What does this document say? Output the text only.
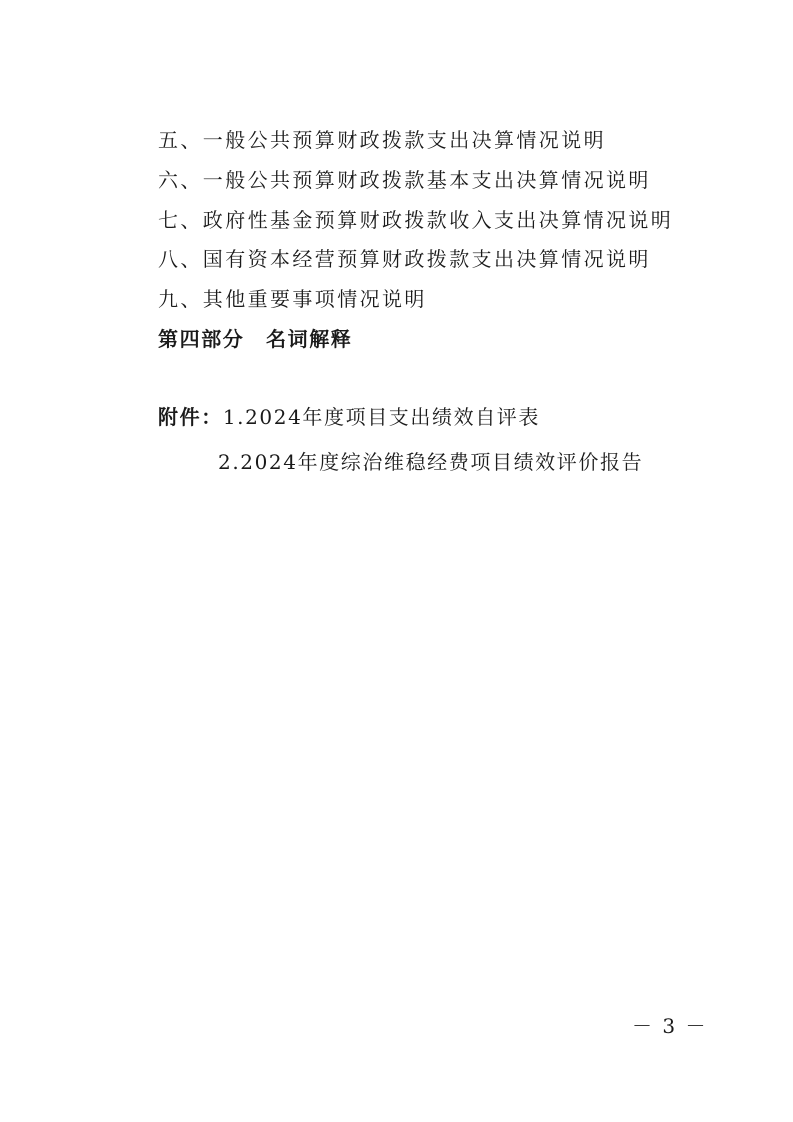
五、一般公共预算财政拨款支出决算情况说明
六、一般公共预算财政拨款基本支出决算情况说明
七、政府性基金预算财政拨款收入支出决算情况说明
八、国有资本经营预算财政拨款支出决算情况说明
九、其他重要事项情况说明
第四部分　名词解释
附件：1.2024年度项目支出绩效自评表
2.2024年度综治维稳经费项目绩效评价报告
－ 3 －
